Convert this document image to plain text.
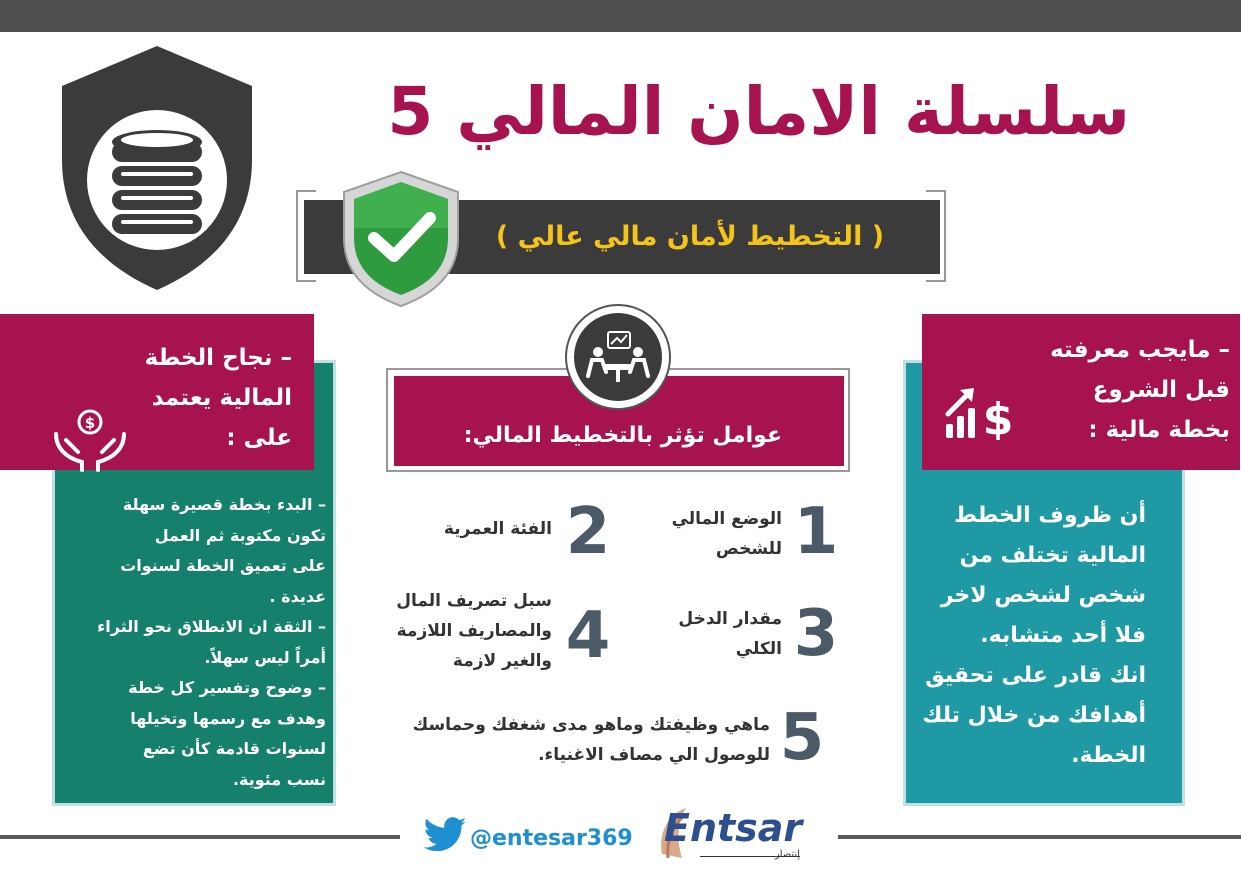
سلسلة الامان المالي 5
( التخطيط لأمان مالي عالي )
– مايجب معرفته
قبل الشروع
بخطة مالية :
$
أن ظروف الخطط
المالية تختلف من
شخص لشخص لاخر
فلا أحد متشابه.
انك قادر على تحقيق
أهدافك من خلال تلك
الخطة.
– نجاح الخطة
المالية يعتمد
على :
$
– البدء بخطة قصيرة سهلة
تكون مكتوبة ثم العمل
على تعميق الخطة لسنوات
عديدة .
– الثقة ان الانطلاق نحو الثراء
أمراً ليس سهلاً.
– وضوح وتفسير كل خطة
وهدف مع رسمها وتخيلها
لسنوات قادمة كأن تضع
نسب مئوية.
عوامل تؤثر بالتخطيط المالي:
1
الوضع المالي
للشخص
2
الفئة العمرية
3
مقدار الدخل
الكلي
4
سبل تصريف المال
والمصاريف اللازمة
والغير لازمة
5
ماهي وظيفتك وماهو مدى شغفك وحماسك
للوصول الي مصاف الاغنياء.
@entesar369 Entsar
إنتصار
